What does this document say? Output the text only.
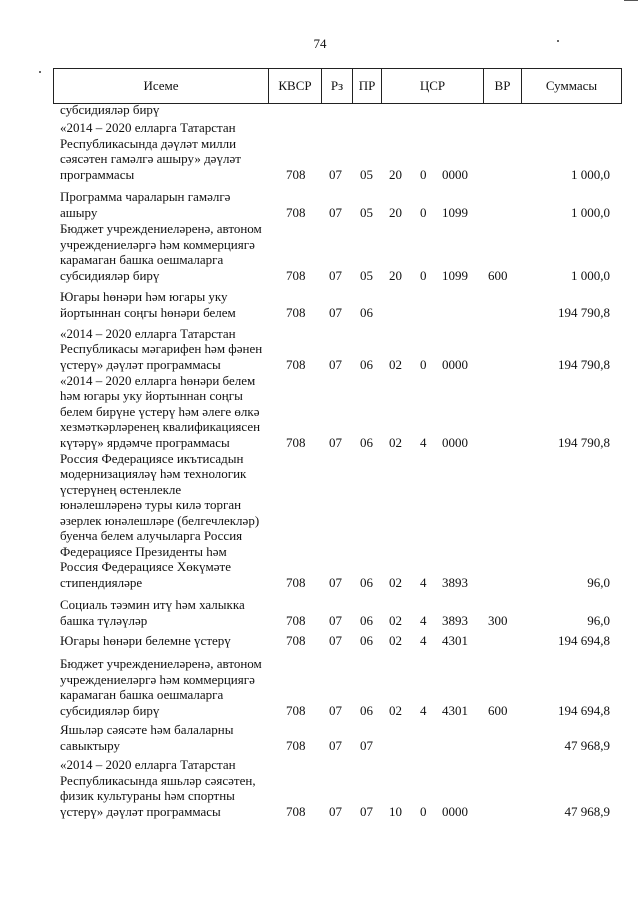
74
Исеме	КВСР	Рз	ПР	ЦСР	ВР	Суммасы
субсидияләр бирү
«2014 – 2020 елларга Татарстан
Республикасында дәүләт милли
сәясәтен гамәлгә ашыру» дәүләт
программасы	708 07 05 20 0 0000	1 000,0
Программа чараларын гамәлгә
ашыру	708 07 05 20 0 1099	1 000,0
Бюджет учреждениеләренә, автоном
учреждениеләргә һәм коммерциягә
карамаган башка оешмаларга
субсидияләр бирү	708 07 05 20 0 1099 600	1 000,0
Югары һөнәри һәм югары уку
йортыннан соңгы һөнәри белем	708 07 06	194 790,8
«2014 – 2020 елларга Татарстан
Республикасы мәгарифен һәм фәнен
үстерү» дәүләт программасы	708 07 06 02 0 0000	194 790,8
«2014 – 2020 елларга һөнәри белем
һәм югары уку йортыннан соңгы
белем бирүне үстерү һәм әлеге өлкә
хезмәткәрләренең квалификациясен
күтәрү» ярдәмче программасы	708 07 06 02 4 0000	194 790,8
Россия Федерациясе икътисадын
модернизацияләү һәм технологик
үстерүнең өстенлекле
юнәлешләренә туры килә торган
әзерлек юнәлешләре (белгечлекләр)
буенча белем алучыларга Россия
Федерациясе Президенты һәм
Россия Федерациясе Хөкүмәте
стипендияләре	708 07 06 02 4 3893	96,0
Социаль тәэмин итү һәм халыкка
башка түләүләр	708 07 06 02 4 3893 300	96,0
Югары һөнәри белемне үстерү	708 07 06 02 4 4301	194 694,8
Бюджет учреждениеләренә, автоном
учреждениеләргә һәм коммерциягә
карамаган башка оешмаларга
субсидияләр бирү	708 07 06 02 4 4301 600	194 694,8
Яшьләр сәясәте һәм балаларны
савыктыру	708 07 07	47 968,9
«2014 – 2020 елларга Татарстан
Республикасында яшьләр сәясәтен,
физик культураны һәм спортны
үстерү» дәүләт программасы	708 07 07 10 0 0000	47 968,9
